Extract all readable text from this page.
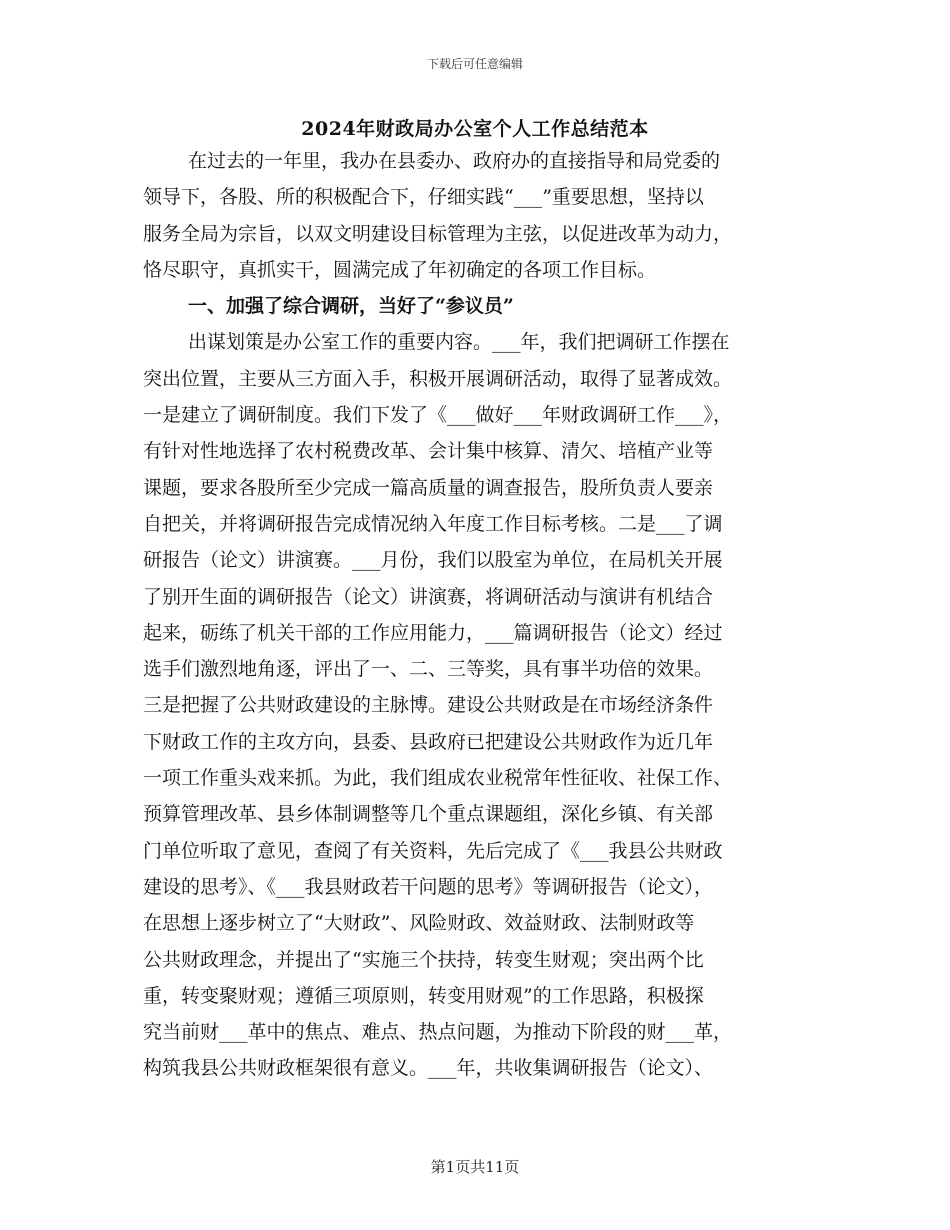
下载后可任意编辑
2024年财政局办公室个人工作总结范本
在过去的一年里，我办在县委办、政府办的直接指导和局党委的
领导下，各股、所的积极配合下，仔细实践“___”重要思想，坚持以
服务全局为宗旨，以双文明建设目标管理为主弦，以促进改革为动力，
恪尽职守，真抓实干，圆满完成了年初确定的各项工作目标。
一、加强了综合调研，当好了“参议员”
出谋划策是办公室工作的重要内容。___年，我们把调研工作摆在
突出位置，主要从三方面入手，积极开展调研活动，取得了显著成效。
一是建立了调研制度。我们下发了《___做好___年财政调研工作___》，
有针对性地选择了农村税费改革、会计集中核算、清欠、培植产业等
课题，要求各股所至少完成一篇高质量的调查报告，股所负责人要亲
自把关，并将调研报告完成情况纳入年度工作目标考核。二是___了调
研报告（论文）讲演赛。___月份，我们以股室为单位，在局机关开展
了别开生面的调研报告（论文）讲演赛，将调研活动与演讲有机结合
起来，砺练了机关干部的工作应用能力，___篇调研报告（论文）经过
选手们激烈地角逐，评出了一、二、三等奖，具有事半功倍的效果。
三是把握了公共财政建设的主脉博。建设公共财政是在市场经济条件
下财政工作的主攻方向，县委、县政府已把建设公共财政作为近几年
一项工作重头戏来抓。为此，我们组成农业税常年性征收、社保工作、
预算管理改革、县乡体制调整等几个重点课题组，深化乡镇、有关部
门单位听取了意见，查阅了有关资料，先后完成了《___我县公共财政
建设的思考》、《___我县财政若干问题的思考》等调研报告（论文），
在思想上逐步树立了“大财政”、风险财政、效益财政、法制财政等
公共财政理念，并提出了“实施三个扶持，转变生财观；突出两个比
重，转变聚财观；遵循三项原则，转变用财观”的工作思路，积极探
究当前财___革中的焦点、难点、热点问题，为推动下阶段的财___革，
构筑我县公共财政框架很有意义。___年，共收集调研报告（论文）、
第1页共11页
